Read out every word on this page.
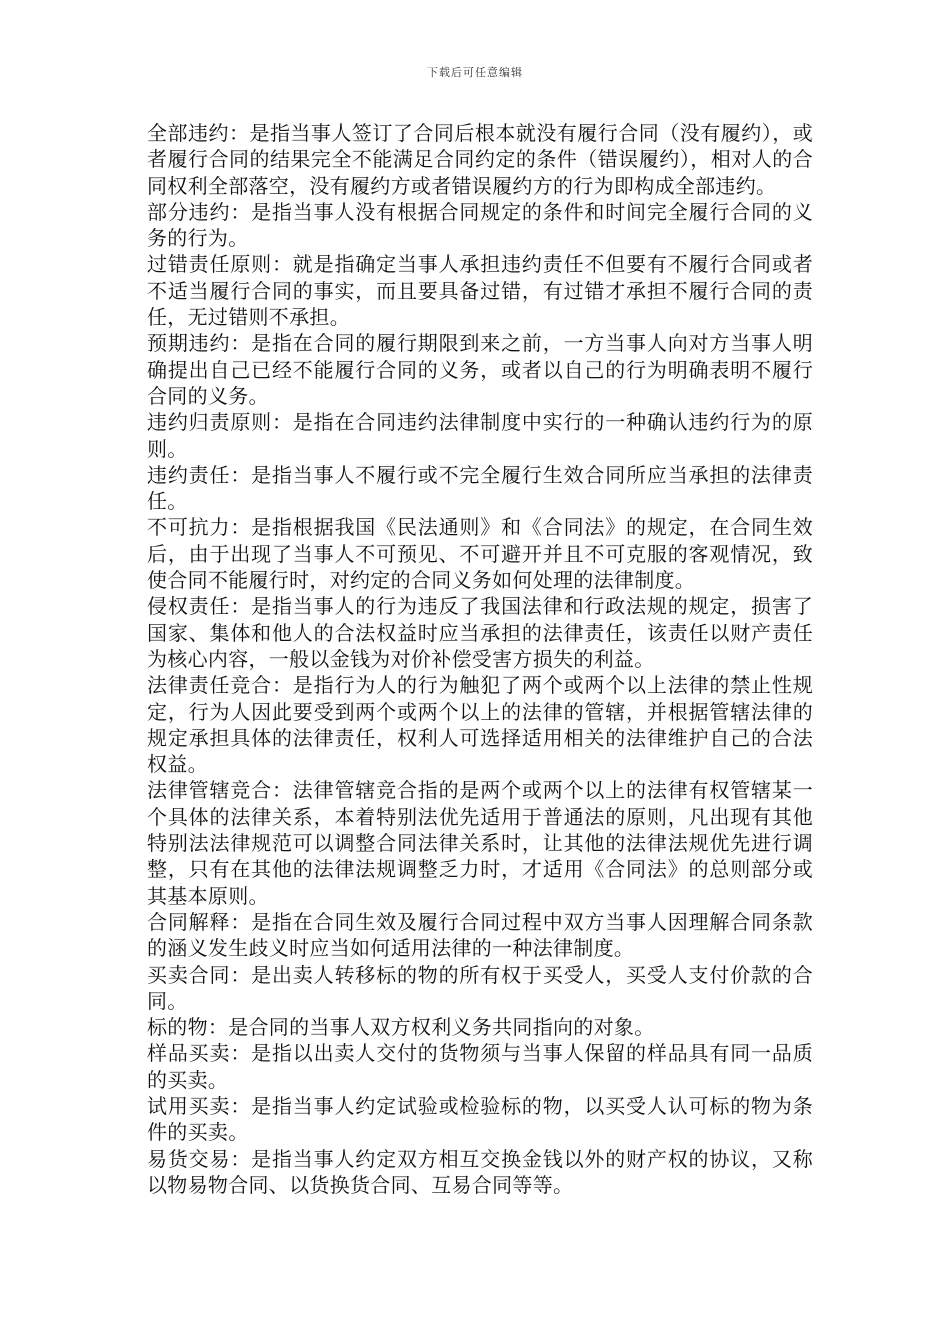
下载后可任意编辑

全部违约：是指当事人签订了合同后根本就没有履行合同（没有履约），或者履行合同的结果完全不能满足合同约定的条件（错误履约），相对人的合同权利全部落空，没有履约方或者错误履约方的行为即构成全部违约。

部分违约：是指当事人没有根据合同规定的条件和时间完全履行合同的义务的行为。

过错责任原则：就是指确定当事人承担违约责任不但要有不履行合同或者不适当履行合同的事实，而且要具备过错，有过错才承担不履行合同的责任，无过错则不承担。

预期违约：是指在合同的履行期限到来之前，一方当事人向对方当事人明确提出自己已经不能履行合同的义务，或者以自己的行为明确表明不履行合同的义务。

违约归责原则：是指在合同违约法律制度中实行的一种确认违约行为的原则。

违约责任：是指当事人不履行或不完全履行生效合同所应当承担的法律责任。

不可抗力：是指根据我国《民法通则》和《合同法》的规定，在合同生效后，由于出现了当事人不可预见、不可避开并且不可克服的客观情况，致使合同不能履行时，对约定的合同义务如何处理的法律制度。

侵权责任：是指当事人的行为违反了我国法律和行政法规的规定，损害了国家、集体和他人的合法权益时应当承担的法律责任，该责任以财产责任为核心内容，一般以金钱为对价补偿受害方损失的利益。

法律责任竞合：是指行为人的行为触犯了两个或两个以上法律的禁止性规定，行为人因此要受到两个或两个以上的法律的管辖，并根据管辖法律的规定承担具体的法律责任，权利人可选择适用相关的法律维护自己的合法权益。

法律管辖竞合：法律管辖竞合指的是两个或两个以上的法律有权管辖某一个具体的法律关系，本着特别法优先适用于普通法的原则，凡出现有其他特别法法律规范可以调整合同法律关系时，让其他的法律法规优先进行调整，只有在其他的法律法规调整乏力时，才适用《合同法》的总则部分或其基本原则。

合同解释：是指在合同生效及履行合同过程中双方当事人因理解合同条款的涵义发生歧义时应当如何适用法律的一种法律制度。

买卖合同：是出卖人转移标的物的所有权于买受人，买受人支付价款的合同。

标的物：是合同的当事人双方权利义务共同指向的对象。

样品买卖：是指以出卖人交付的货物须与当事人保留的样品具有同一品质的买卖。

试用买卖：是指当事人约定试验或检验标的物，以买受人认可标的物为条件的买卖。

易货交易：是指当事人约定双方相互交换金钱以外的财产权的协议，又称以物易物合同、以货换货合同、互易合同等等。
